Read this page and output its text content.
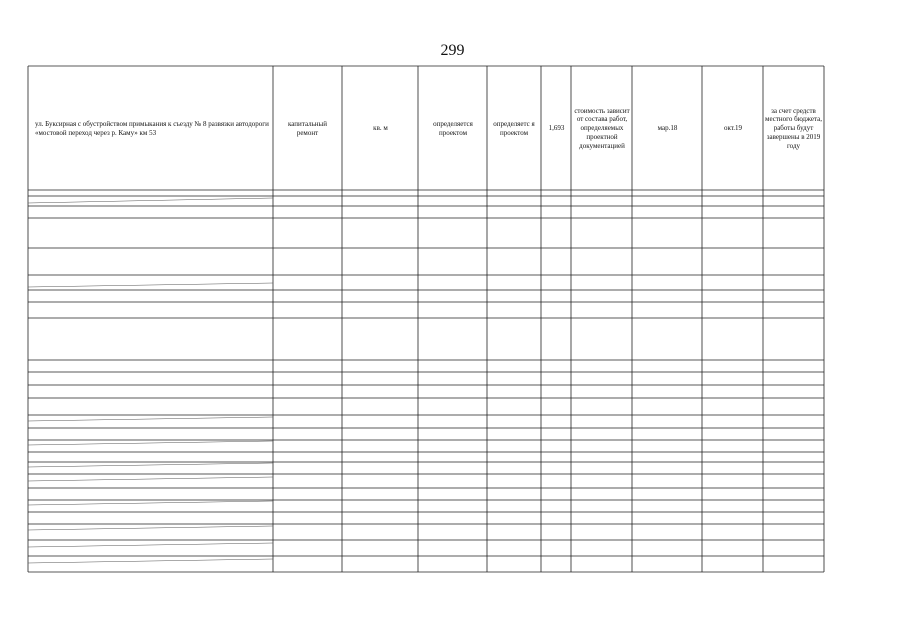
299
ул. Буксирная с обустройством примыкания к съезду № 8 развязки автодороги «мостовой переход через р. Каму» км 53
капитальный ремонт
кв. м
определяется проектом
определяетс я проектом
1,693
стоимость зависит от состава работ, определяемых проектной документацией
мар.18	окт.19
за счет средств местного бюджета, работы будут завершены в 2019 году
